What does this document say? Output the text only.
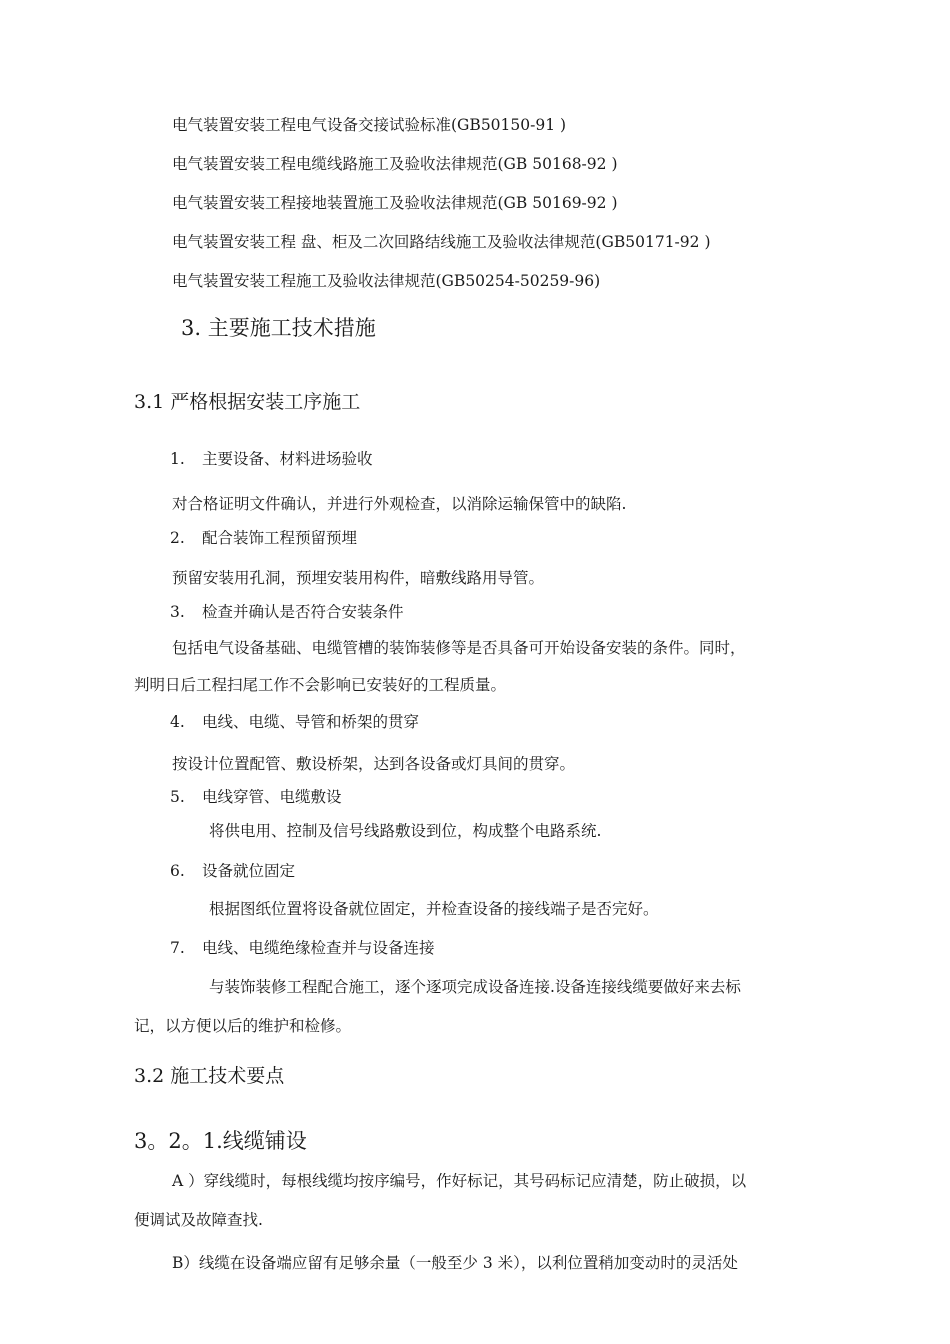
电气装置安装工程电气设备交接试验标准(GB50150-91 )
电气装置安装工程电缆线路施工及验收法律规范(GB 50168-92 )
电气装置安装工程接地装置施工及验收法律规范(GB 50169-92 )
电气装置安装工程 盘、柜及二次回路结线施工及验收法律规范(GB50171-92 )
电气装置安装工程施工及验收法律规范(GB50254-50259-96)
3. 主要施工技术措施
3.1 严格根据安装工序施工
1. 主要设备、材料进场验收
对合格证明文件确认，并进行外观检查，以消除运输保管中的缺陷.
2. 配合装饰工程预留预埋
预留安装用孔洞，预埋安装用构件，暗敷线路用导管。
3. 检查并确认是否符合安装条件
包括电气设备基础、电缆管槽的装饰装修等是否具备可开始设备安装的条件。同时，
判明日后工程扫尾工作不会影响已安装好的工程质量。
4. 电线、电缆、导管和桥架的贯穿
按设计位置配管、敷设桥架，达到各设备或灯具间的贯穿。
5. 电线穿管、电缆敷设
将供电用、控制及信号线路敷设到位，构成整个电路系统.
6. 设备就位固定
根据图纸位置将设备就位固定，并检查设备的接线端子是否完好。
7. 电线、电缆绝缘检查并与设备连接
与装饰装修工程配合施工，逐个逐项完成设备连接.设备连接线缆要做好来去标
记，以方便以后的维护和检修。
3.2 施工技术要点
3。2。1.线缆铺设
A ）穿线缆时，每根线缆均按序编号，作好标记，其号码标记应清楚，防止破损，以
便调试及故障查找.
B）线缆在设备端应留有足够余量（一般至少 3 米），以利位置稍加变动时的灵活处
